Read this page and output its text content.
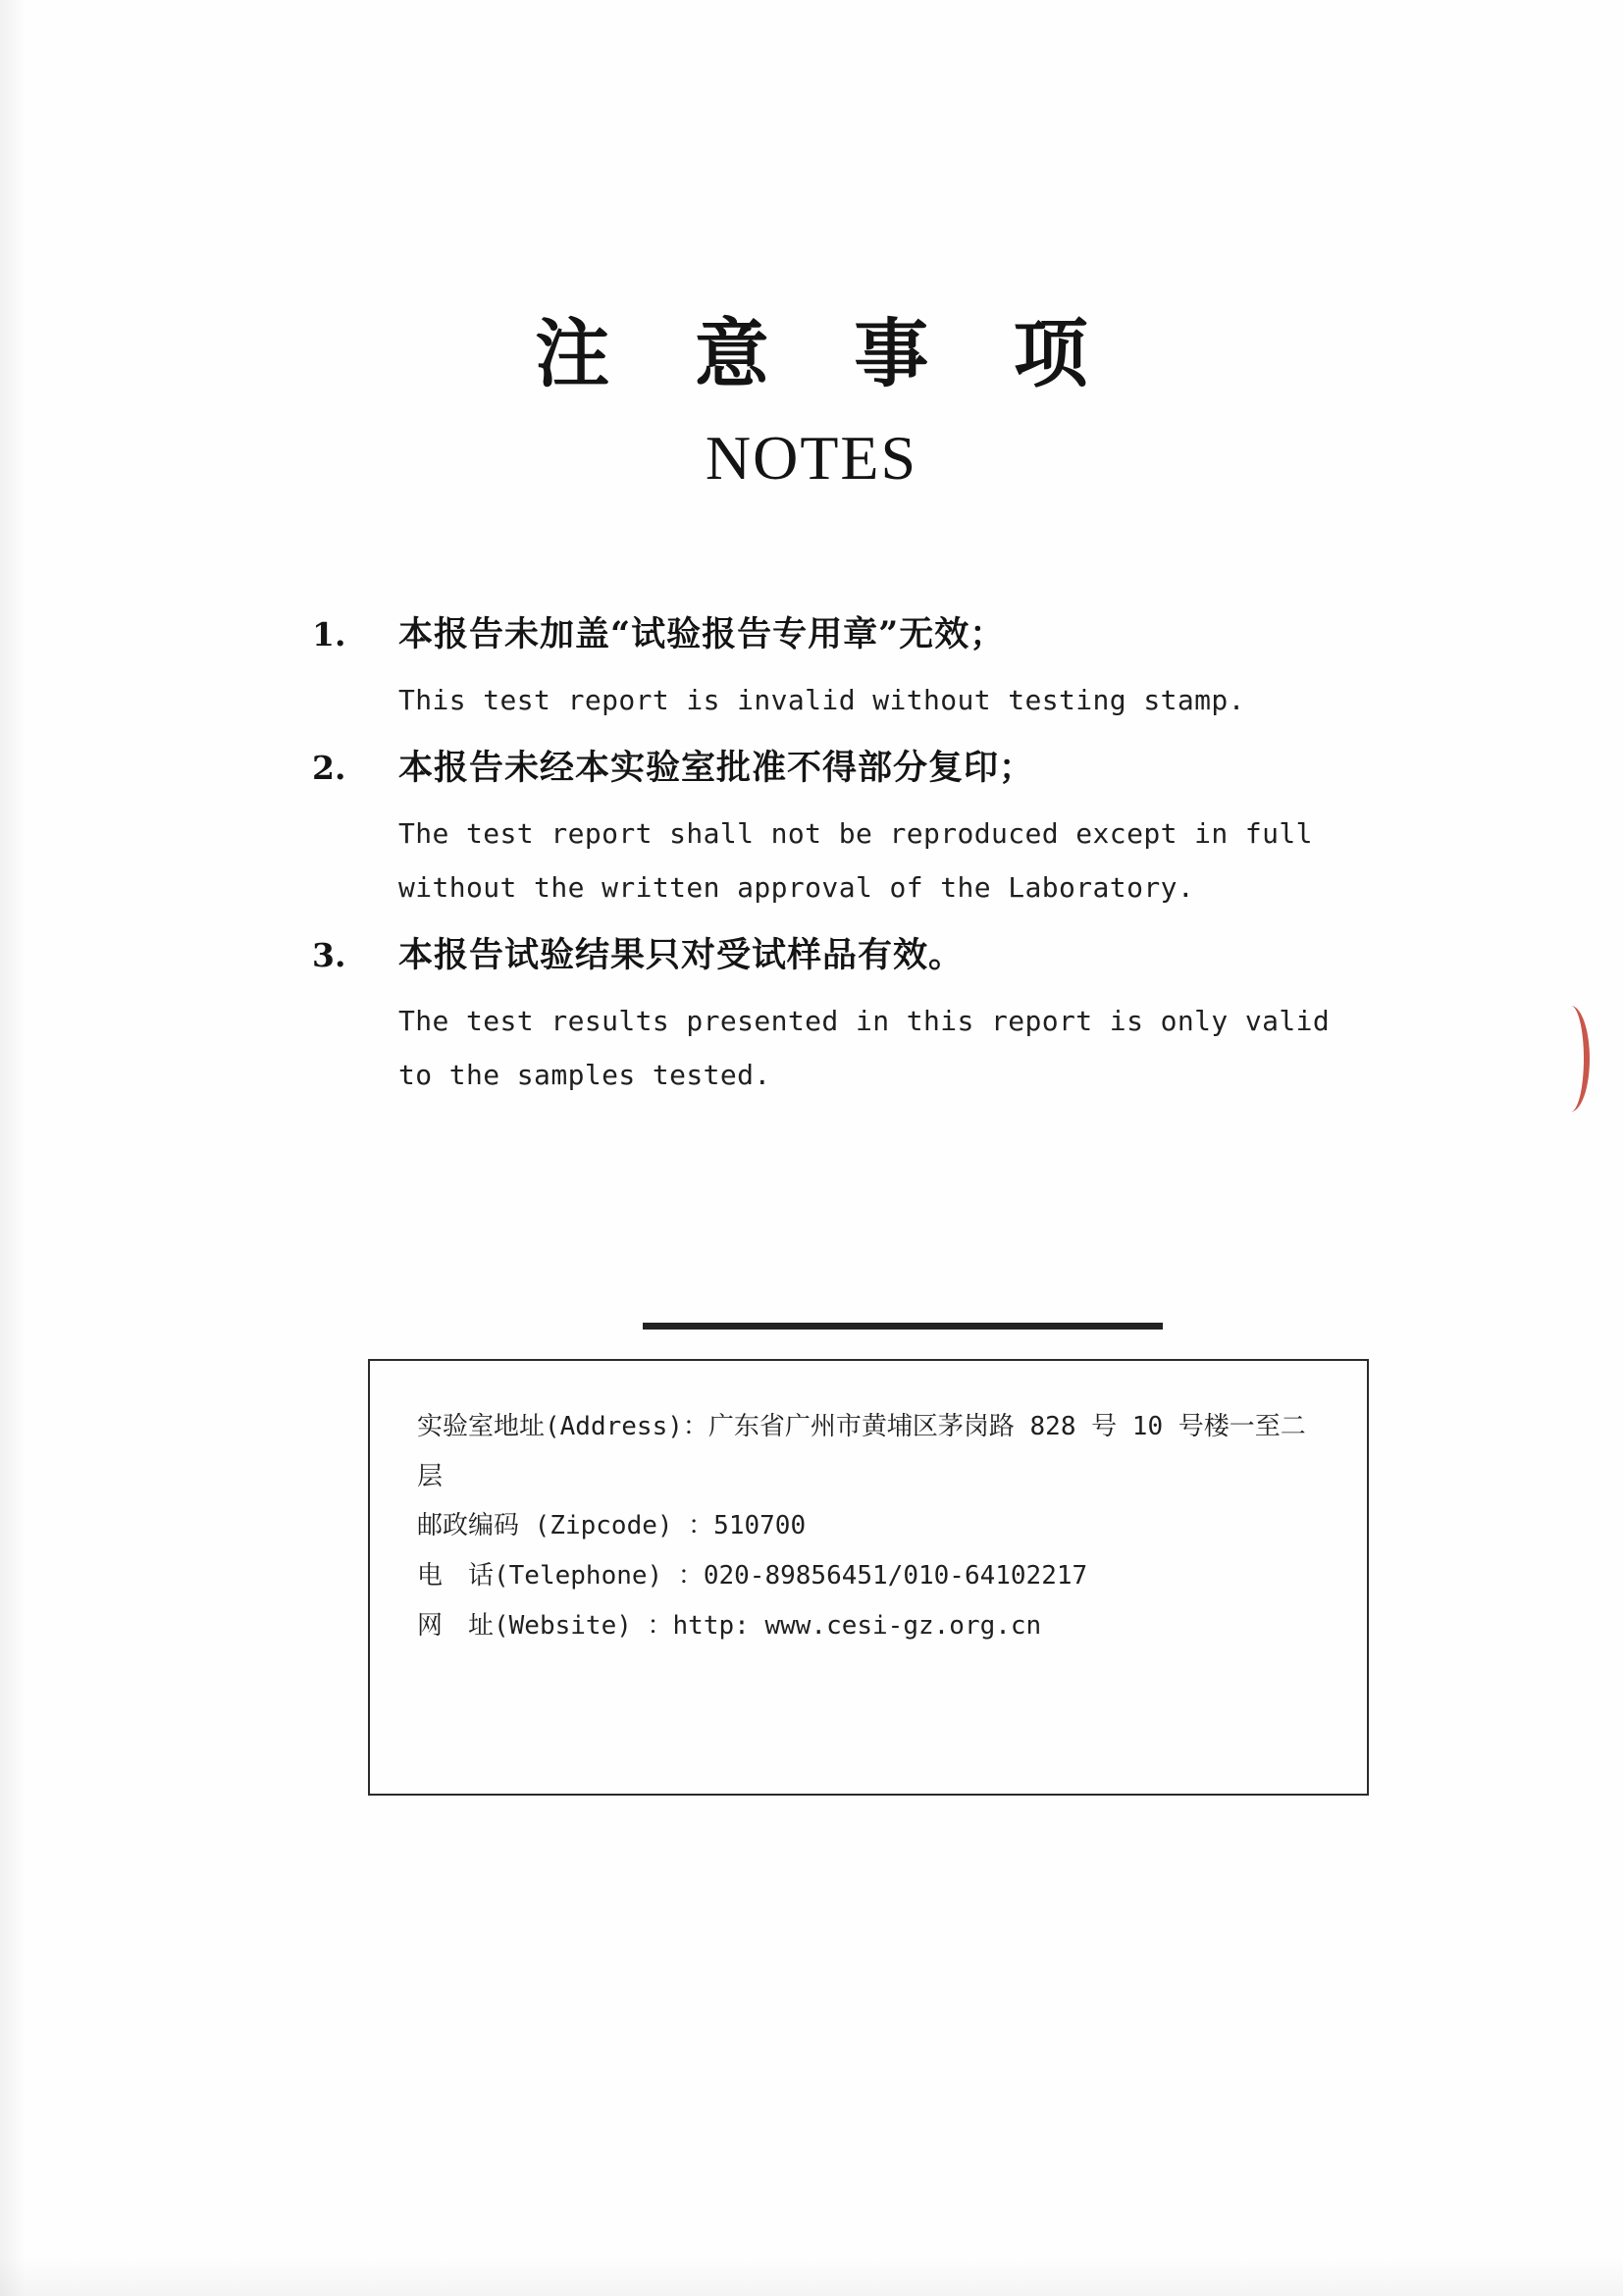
注 意 事 项
NOTES
1.	本报告未加盖“试验报告专用章”无效；
This test report is invalid without testing stamp.
2.	本报告未经本实验室批准不得部分复印；
The test report shall not be reproduced except in full
without the written approval of the Laboratory.
3.	本报告试验结果只对受试样品有效。
The test results presented in this report is only valid
to the samples tested.
实验室地址(Address)：广东省广州市黄埔区茅岗路 828 号 10 号楼一至二层
邮政编码 (Zipcode) ：510700
电　话(Telephone) ：020-89856451/010-64102217
网　址(Website) ：http: www.cesi-gz.org.cn
